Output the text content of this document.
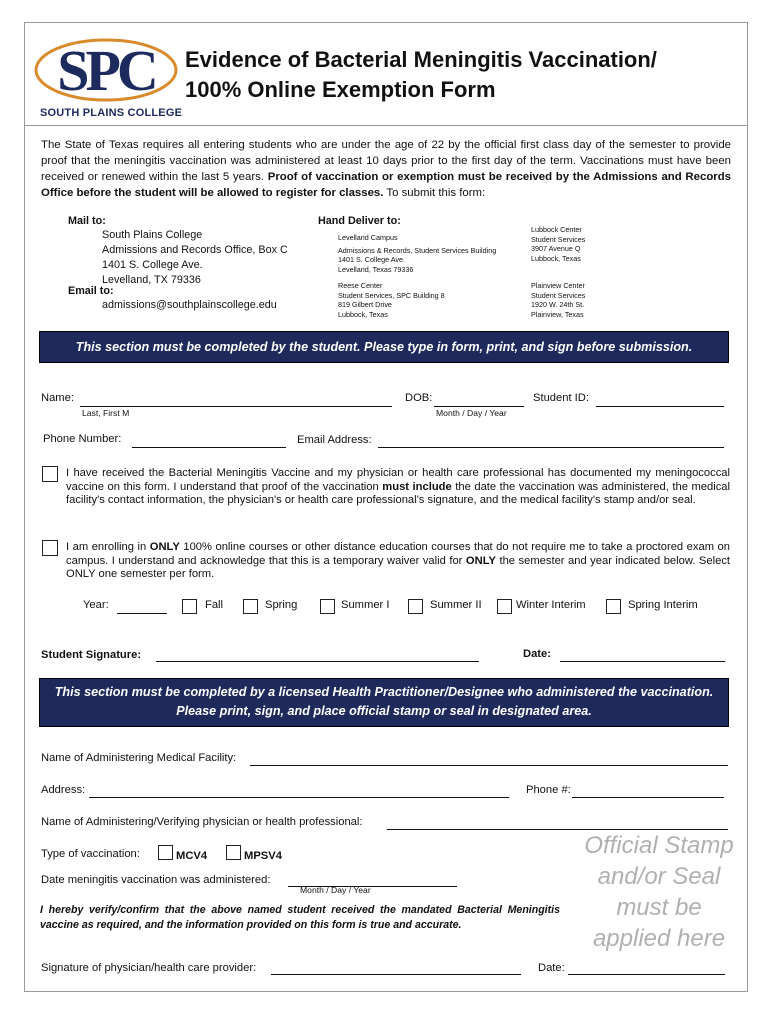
SPC
SOUTH PLAINS COLLEGE
Evidence of Bacterial Meningitis Vaccination/
100% Online Exemption Form
The State of Texas requires all entering students who are under the age of 22 by the official first class day of the semester to provide proof that the meningitis vaccination was administered at least 10 days prior to the first day of the term. Vaccinations must have been received or renewed within the last 5 years. Proof of vaccination or exemption must be received by the Admissions and Records Office before the student will be allowed to register for classes. To submit this form:
Mail to:
South Plains College
Admissions and Records Office, Box C
1401 S. College Ave.
Levelland, TX 79336
Email to:
admissions@southplainscollege.edu
Hand Deliver to:
Levelland Campus
Admissions & Records, Student Services Building
1401 S. College Ave.
Levelland, Texas 79336
Reese Center
Student Services, SPC Building 8
819 Gilbert Drive
Lubbock, Texas
Lubbock Center
Student Services
3907 Avenue Q
Lubbock, Texas
Plainview Center
Student Services
1920 W. 24th St.
Plainview, Texas
This section must be completed by the student. Please type in form, print, and sign before submission.
Name:
Last, First M
DOB:
Month / Day / Year
Student ID:
Phone Number:	Email Address:
I have received the Bacterial Meningitis Vaccine and my physician or health care professional has documented my meningococcal vaccine on this form. I understand that proof of the vaccination must include the date the vaccination was administered, the medical facility's contact information, the physician's or health care professional's signature, and the medical facility's stamp and/or seal.
I am enrolling in ONLY 100% online courses or other distance education courses that do not require me to take a proctored exam on campus. I understand and acknowledge that this is a temporary waiver valid for ONLY the semester and year indicated below. Select ONLY one semester per form.
Year:	Fall	Spring	Summer I	Summer II	Winter Interim	Spring Interim
Student Signature:	Date:
This section must be completed by a licensed Health Practitioner/Designee who administered the vaccination.
Please print, sign, and place official stamp or seal in designated area.
Name of Administering Medical Facility:
Address:	Phone #:
Name of Administering/Verifying physician or health professional:
Type of vaccination:	MCV4	MPSV4
Date meningitis vaccination was administered:
Month / Day / Year
I hereby verify/confirm that the above named student received the mandated Bacterial Meningitis vaccine as required, and the information provided on this form is true and accurate.
Official Stamp
and/or Seal
must be
applied here
Signature of physician/health care provider:	Date:
